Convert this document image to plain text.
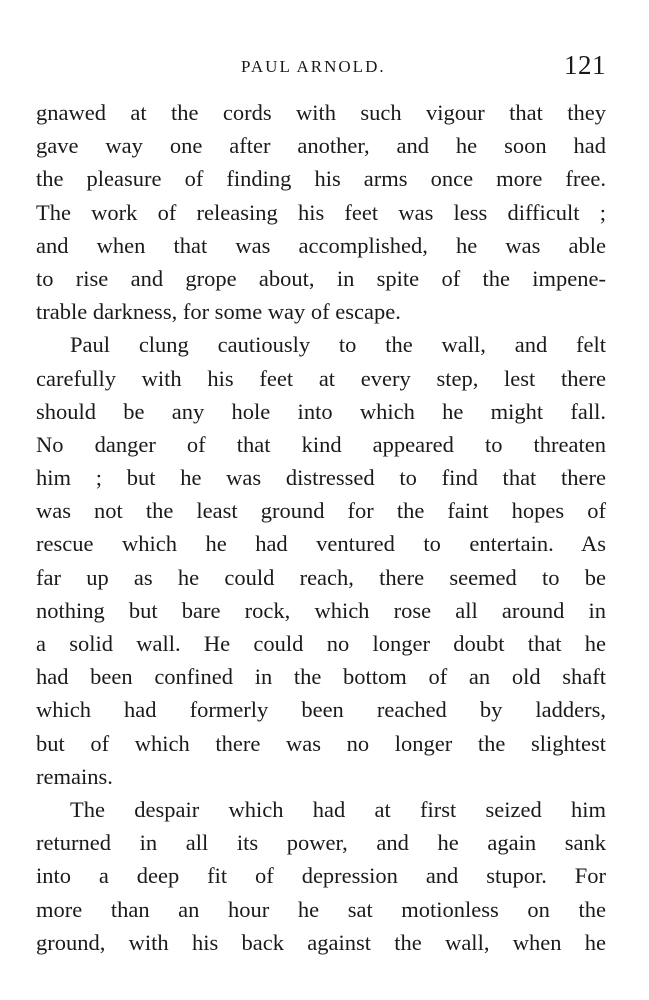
PAUL ARNOLD.	121
gnawed at the cords with such vigour that they
gave way one after another, and he soon had
the pleasure of finding his arms once more free.
The work of releasing his feet was less difficult ;
and when that was accomplished, he was able
to rise and grope about, in spite of the impene-
trable darkness, for some way of escape.
Paul clung cautiously to the wall, and felt
carefully with his feet at every step, lest there
should be any hole into which he might fall.
No danger of that kind appeared to threaten
him ; but he was distressed to find that there
was not the least ground for the faint hopes of
rescue which he had ventured to entertain. As
far up as he could reach, there seemed to be
nothing but bare rock, which rose all around in
a solid wall. He could no longer doubt that he
had been confined in the bottom of an old shaft
which had formerly been reached by ladders,
but of which there was no longer the slightest
remains.
The despair which had at first seized him
returned in all its power, and he again sank
into a deep fit of depression and stupor. For
more than an hour he sat motionless on the
ground, with his back against the wall, when he
